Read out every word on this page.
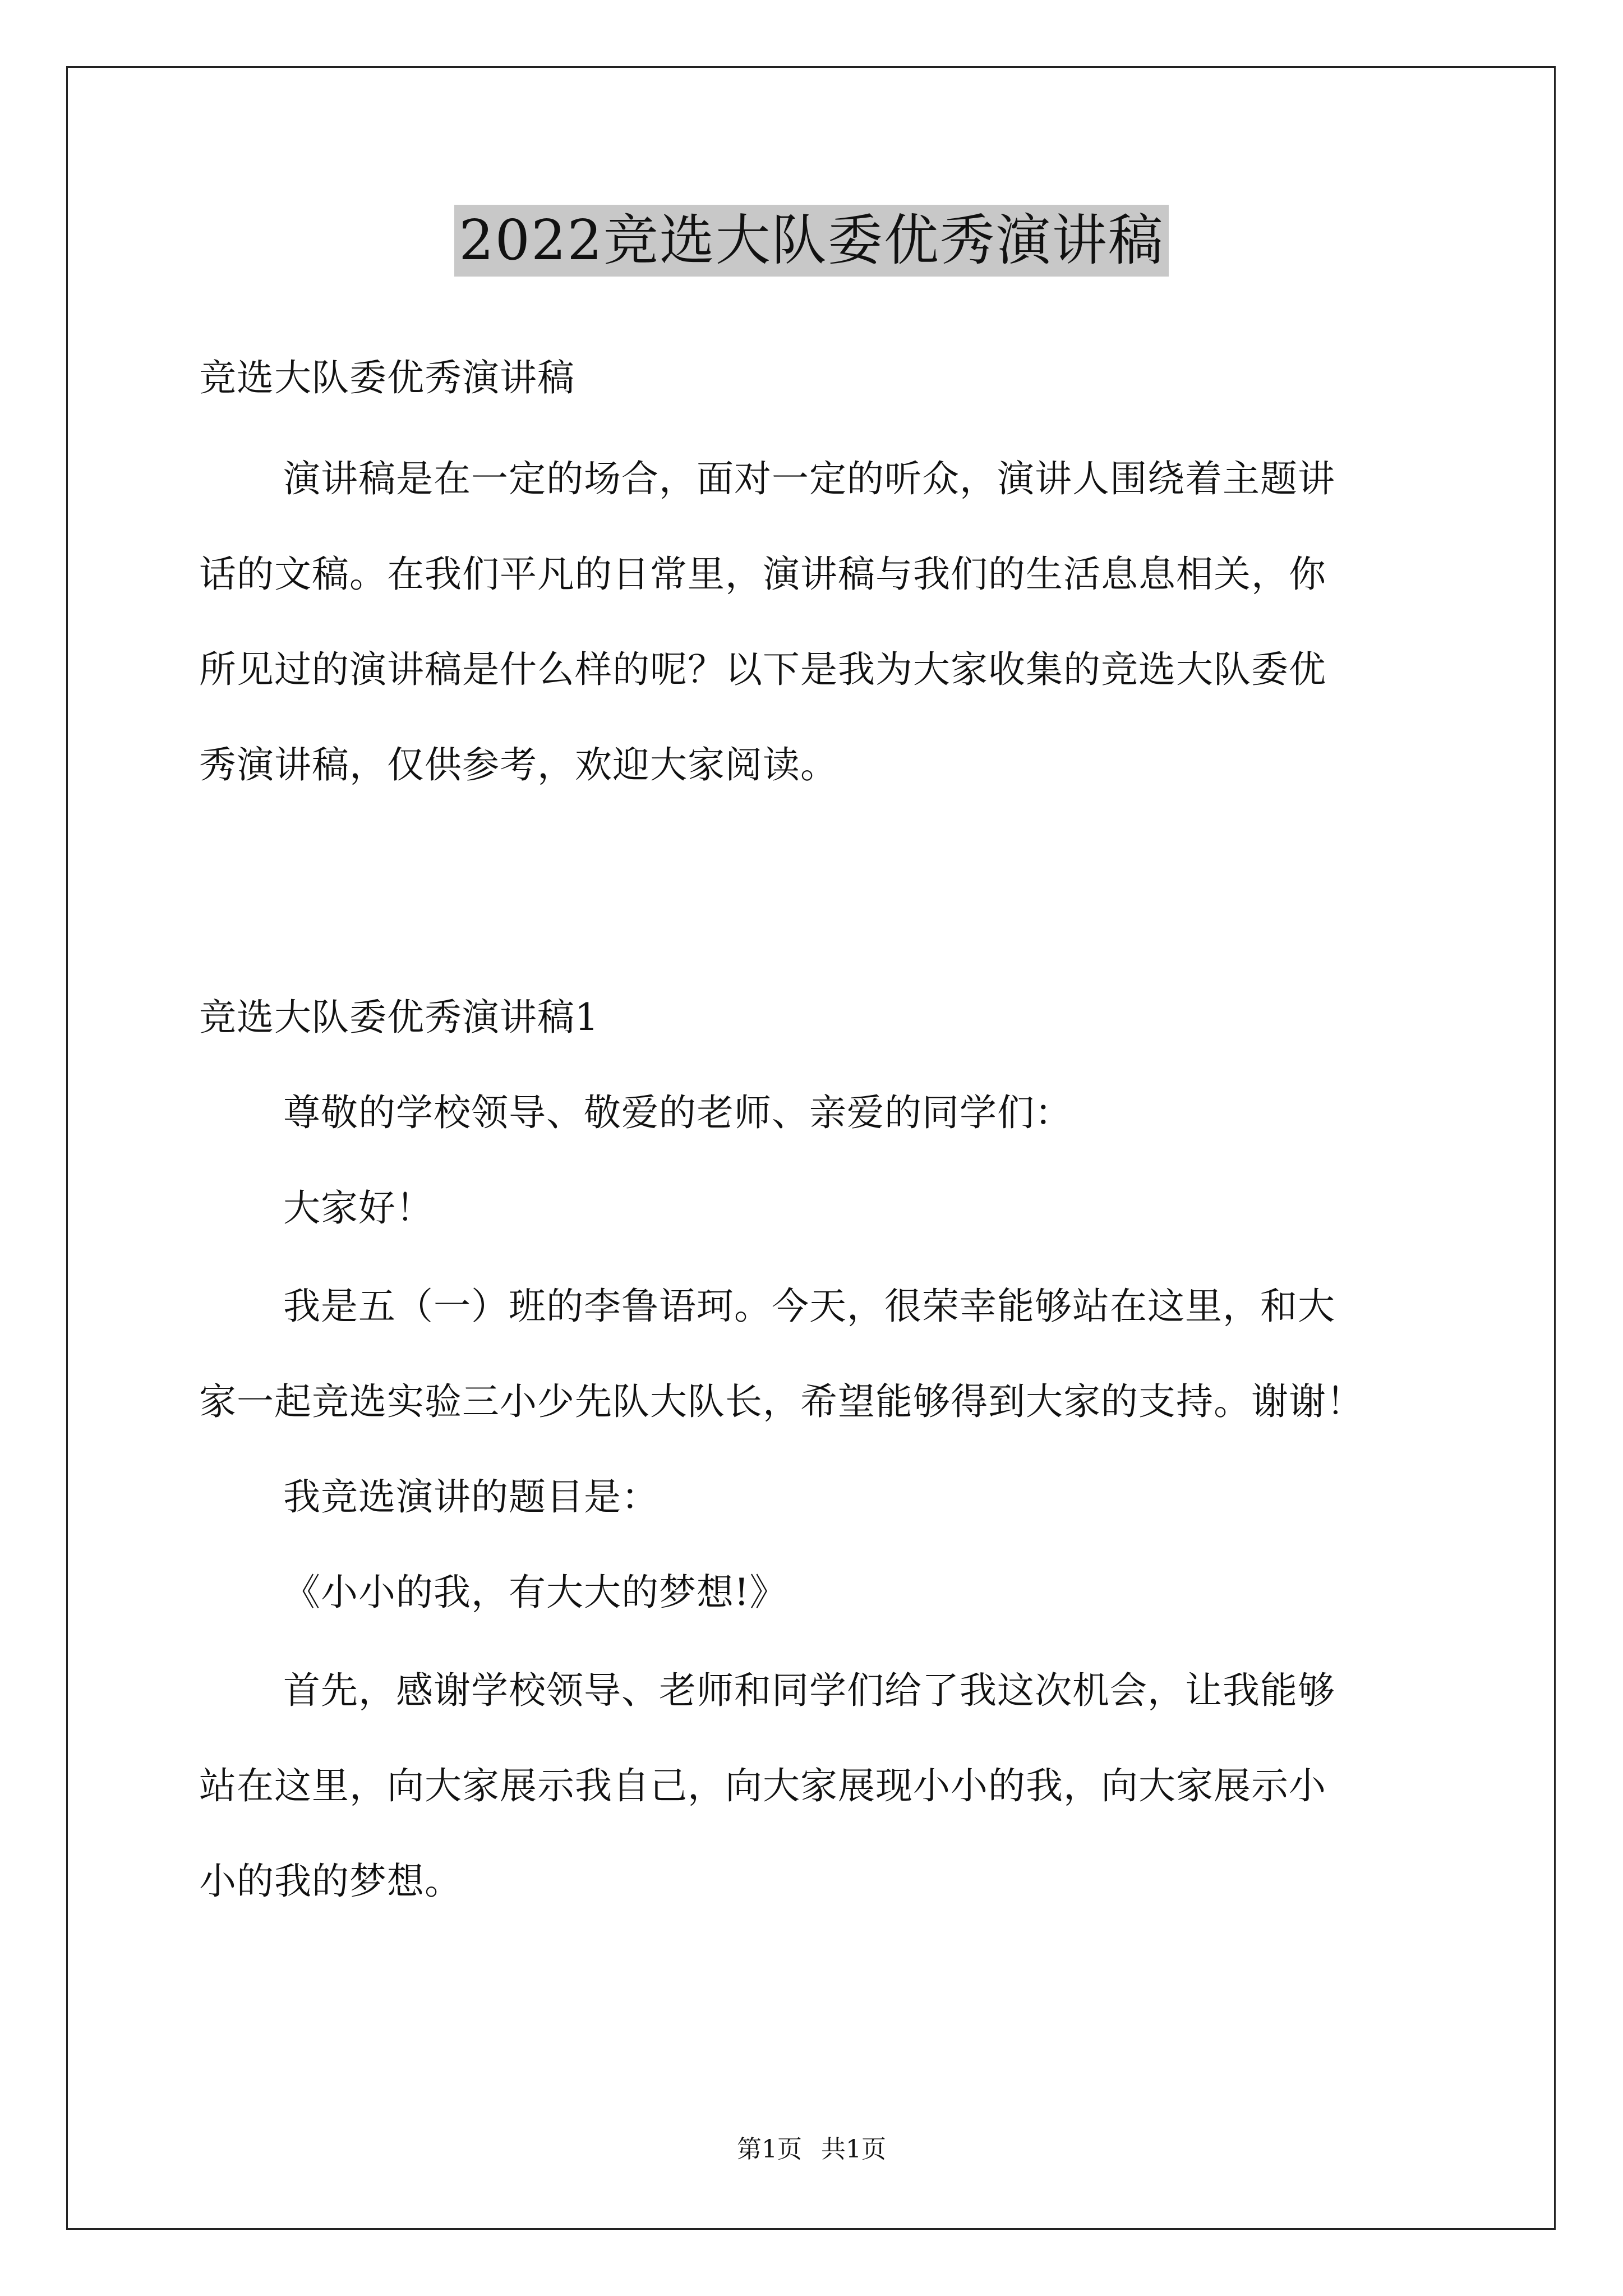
2022竞选大队委优秀演讲稿
竞选大队委优秀演讲稿
演讲稿是在一定的场合，面对一定的听众，演讲人围绕着主题讲
话的文稿。在我们平凡的日常里，演讲稿与我们的生活息息相关，你
所见过的演讲稿是什么样的呢？以下是我为大家收集的竞选大队委优
秀演讲稿，仅供参考，欢迎大家阅读。
竞选大队委优秀演讲稿1
尊敬的学校领导、敬爱的老师、亲爱的同学们：
大家好！
我是五（一）班的李鲁语珂。今天，很荣幸能够站在这里，和大
家一起竞选实验三小少先队大队长，希望能够得到大家的支持。谢谢！
我竞选演讲的题目是：
《小小的我，有大大的梦想!》
首先，感谢学校领导、老师和同学们给了我这次机会，让我能够
站在这里，向大家展示我自己，向大家展现小小的我，向大家展示小
小的我的梦想。
第1页 共1页
